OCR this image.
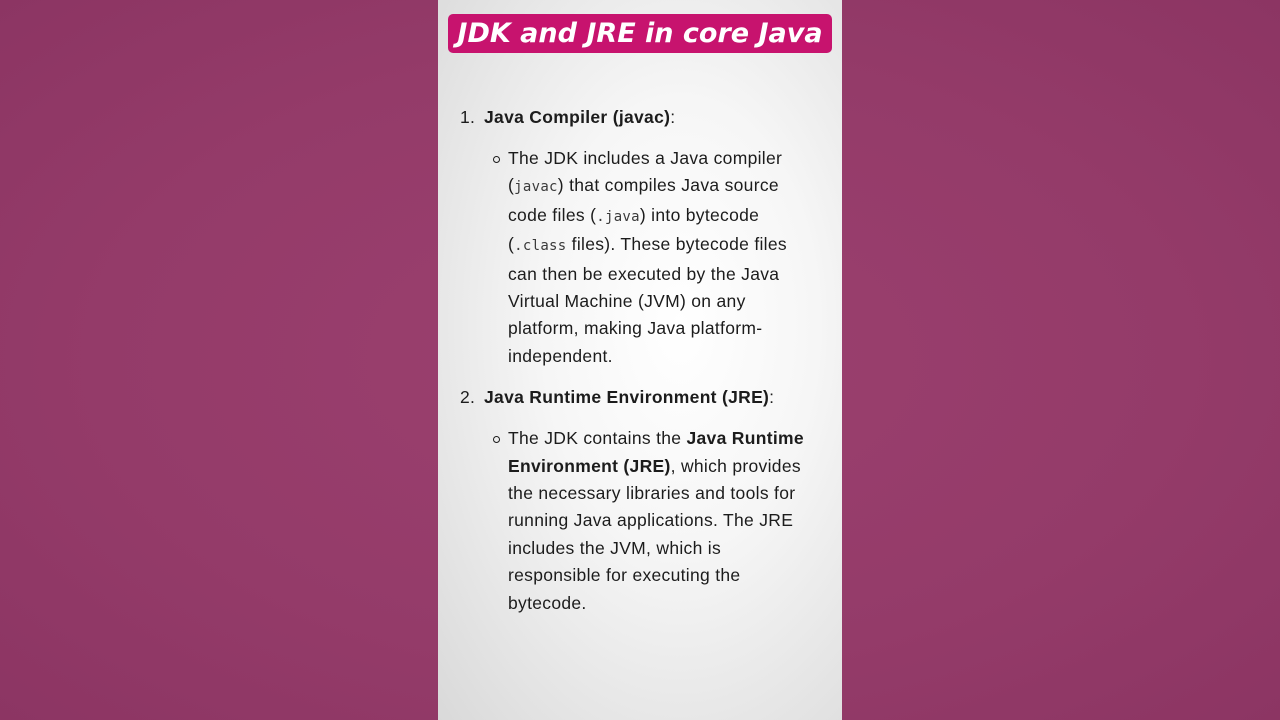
JDK and JRE in core Java
1. Java Compiler (javac):

The JDK includes a Java compiler (javac) that compiles Java source code files (.java) into bytecode (.class files). These bytecode files can then be executed by the Java Virtual Machine (JVM) on any platform, making Java platform-independent.
2. Java Runtime Environment (JRE):

The JDK contains the Java Runtime Environment (JRE), which provides the necessary libraries and tools for running Java applications. The JRE includes the JVM, which is responsible for executing the bytecode.
